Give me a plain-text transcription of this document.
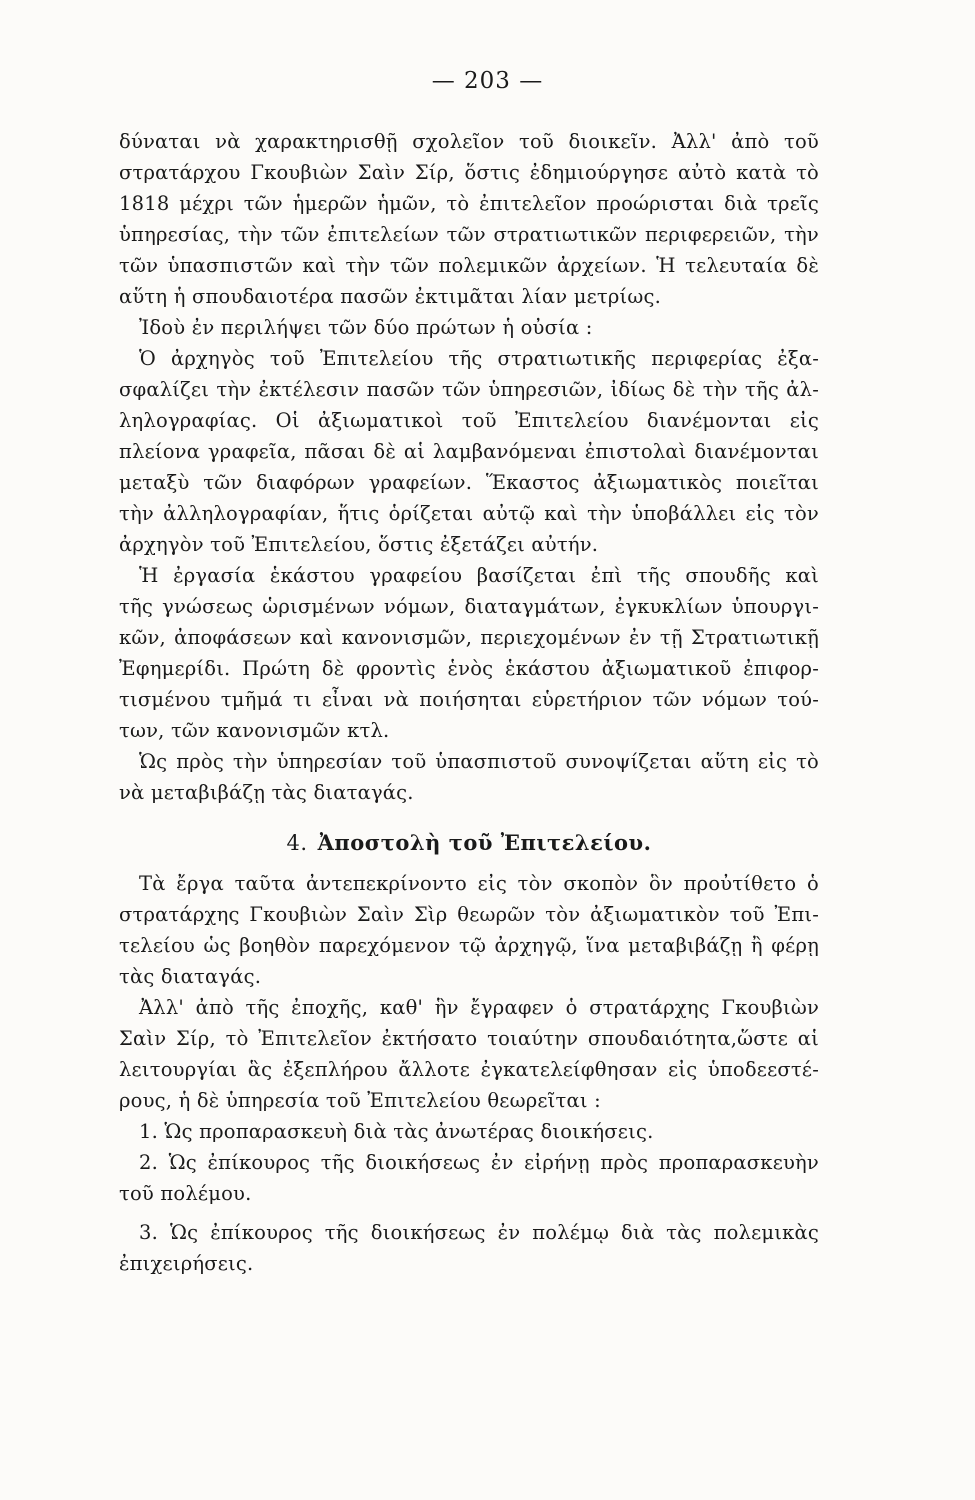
— 203 —
δύναται νὰ χαρακτηρισθῇ σχολεῖον τοῦ διοικεῖν. Ἀλλ' ἀπὸ τοῦ
στρατάρχου Γκουβιὼν Σαὶν Σίρ, ὅστις ἐδημιούργησε αὐτὸ κατὰ τὸ
1818 μέχρι τῶν ἡμερῶν ἡμῶν, τὸ ἐπιτελεῖον προώρισται διὰ τρεῖς
ὑπηρεσίας, τὴν τῶν ἐπιτελείων τῶν στρατιωτικῶν περιφερειῶν, τὴν
τῶν ὑπασπιστῶν καὶ τὴν τῶν πολεμικῶν ἀρχείων. Ἡ τελευταία δὲ
αὕτη ἡ σπουδαιοτέρα πασῶν ἐκτιμᾶται λίαν μετρίως.
Ἰδοὺ ἐν περιλήψει τῶν δύο πρώτων ἡ οὐσία :
Ὁ ἀρχηγὸς τοῦ Ἐπιτελείου τῆς στρατιωτικῆς περιφερίας ἐξα-
σφαλίζει τὴν ἐκτέλεσιν πασῶν τῶν ὑπηρεσιῶν, ἰδίως δὲ τὴν τῆς ἀλ-
ληλογραφίας. Οἱ ἀξιωματικοὶ τοῦ Ἐπιτελείου διανέμονται εἰς
πλείονα γραφεῖα, πᾶσαι δὲ αἱ λαμβανόμεναι ἐπιστολαὶ διανέμονται
μεταξὺ τῶν διαφόρων γραφείων. Ἕκαστος ἀξιωματικὸς ποιεῖται
τὴν ἀλληλογραφίαν, ἥτις ὁρίζεται αὐτῷ καὶ τὴν ὑποβάλλει εἰς τὸν
ἀρχηγὸν τοῦ Ἐπιτελείου, ὅστις ἐξετάζει αὐτήν.
Ἡ ἐργασία ἑκάστου γραφείου βασίζεται ἐπὶ τῆς σπουδῆς καὶ
τῆς γνώσεως ὡρισμένων νόμων, διαταγμάτων, ἐγκυκλίων ὑπουργι-
κῶν, ἀποφάσεων καὶ κανονισμῶν, περιεχομένων ἐν τῇ Στρατιωτικῇ
Ἐφημερίδι. Πρώτη δὲ φροντὶς ἑνὸς ἑκάστου ἀξιωματικοῦ ἐπιφορ-
τισμένου τμῆμά τι εἶναι νὰ ποιήσηται εὑρετήριον τῶν νόμων τού-
των, τῶν κανονισμῶν κτλ.
Ὡς πρὸς τὴν ὑπηρεσίαν τοῦ ὑπασπιστοῦ συνοψίζεται αὕτη εἰς τὸ
νὰ μεταβιβάζῃ τὰς διαταγάς.
4. Ἀποστολὴ τοῦ Ἐπιτελείου.
Τὰ ἔργα ταῦτα ἀντεπεκρίνοντο εἰς τὸν σκοπὸν ὃν προὐτίθετο ὁ
στρατάρχης Γκουβιὼν Σαὶν Σὶρ θεωρῶν τὸν ἀξιωματικὸν τοῦ Ἐπι-
τελείου ὡς βοηθὸν παρεχόμενον τῷ ἀρχηγῷ, ἵνα μεταβιβάζῃ ἢ φέρῃ
τὰς διαταγάς.
Ἀλλ' ἀπὸ τῆς ἐποχῆς, καθ' ἣν ἔγραφεν ὁ στρατάρχης Γκουβιὼν
Σαὶν Σίρ, τὸ Ἐπιτελεῖον ἐκτήσατο τοιαύτην σπουδαιότητα,ὥστε αἱ
λειτουργίαι ἃς ἐξεπλήρου ἄλλοτε ἐγκατελείφθησαν εἰς ὑποδεεστέ-
ρους, ἡ δὲ ὑπηρεσία τοῦ Ἐπιτελείου θεωρεῖται :
1. Ὡς προπαρασκευὴ διὰ τὰς ἀνωτέρας διοικήσεις.
2. Ὡς ἐπίκουρος τῆς διοικήσεως ἐν εἰρήνῃ πρὸς προπαρασκευὴν
τοῦ πολέμου.
3. Ὡς ἐπίκουρος τῆς διοικήσεως ἐν πολέμῳ διὰ τὰς πολεμικὰς
ἐπιχειρήσεις.
